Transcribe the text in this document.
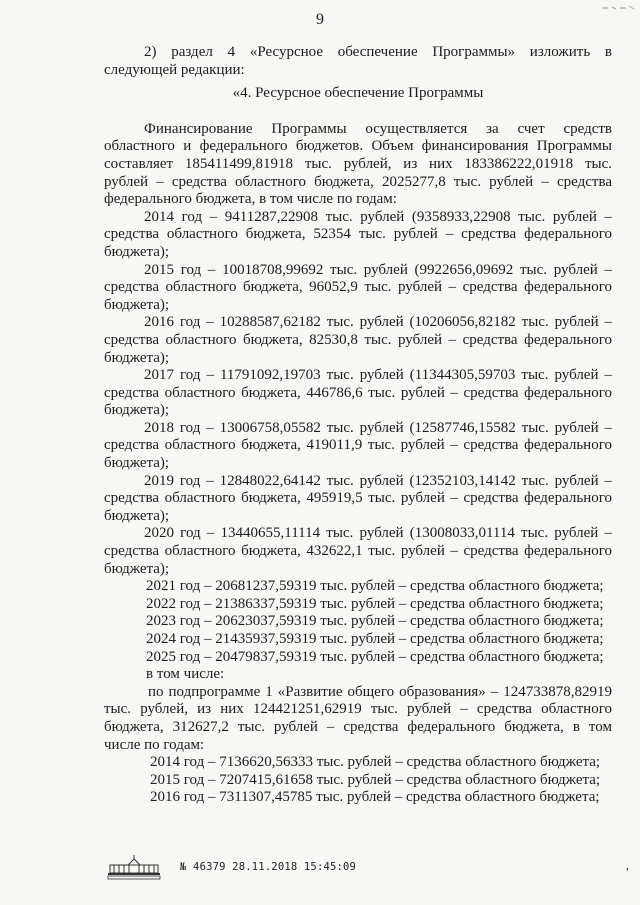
9
2) раздел 4 «Ресурсное обеспечение Программы» изложить в
следующей редакции:
«4. Ресурсное обеспечение Программы
Финансирование Программы осуществляется за счет средств
областного и федерального бюджетов. Объем финансирования Программы
составляет 185411499,81918 тыс. рублей, из них 183386222,01918 тыс.
рублей – средства областного бюджета, 2025277,8 тыс. рублей – средства
федерального бюджета, в том числе по годам:
2014 год – 9411287,22908 тыс. рублей (9358933,22908 тыс. рублей –
средства областного бюджета, 52354 тыс. рублей – средства федерального
бюджета);
2015 год – 10018708,99692 тыс. рублей (9922656,09692 тыс. рублей –
средства областного бюджета, 96052,9 тыс. рублей – средства федерального
бюджета);
2016 год – 10288587,62182 тыс. рублей (10206056,82182 тыс. рублей –
средства областного бюджета, 82530,8 тыс. рублей – средства федерального
бюджета);
2017 год – 11791092,19703 тыс. рублей (11344305,59703 тыс. рублей –
средства областного бюджета, 446786,6 тыс. рублей – средства федерального
бюджета);
2018 год – 13006758,05582 тыс. рублей (12587746,15582 тыс. рублей –
средства областного бюджета, 419011,9 тыс. рублей – средства федерального
бюджета);
2019 год – 12848022,64142 тыс. рублей (12352103,14142 тыс. рублей –
средства областного бюджета, 495919,5 тыс. рублей – средства федерального
бюджета);
2020 год – 13440655,11114 тыс. рублей (13008033,01114 тыс. рублей –
средства областного бюджета, 432622,1 тыс. рублей – средства федерального
бюджета);
2021 год – 20681237,59319 тыс. рублей – средства областного бюджета;
2022 год – 21386337,59319 тыс. рублей – средства областного бюджета;
2023 год – 20623037,59319 тыс. рублей – средства областного бюджета;
2024 год – 21435937,59319 тыс. рублей – средства областного бюджета;
2025 год – 20479837,59319 тыс. рублей – средства областного бюджета;
в том числе:
по подпрограмме 1 «Развитие общего образования» – 124733878,82919
тыс. рублей, из них 124421251,62919 тыс. рублей – средства областного
бюджета, 312627,2 тыс. рублей – средства федерального бюджета, в том
числе по годам:
2014 год – 7136620,56333 тыс. рублей – средства областного бюджета;
2015 год – 7207415,61658 тыс. рублей – средства областного бюджета;
2016 год – 7311307,45785 тыс. рублей – средства областного бюджета;
№ 46379 28.11.2018 15:45:09	,
